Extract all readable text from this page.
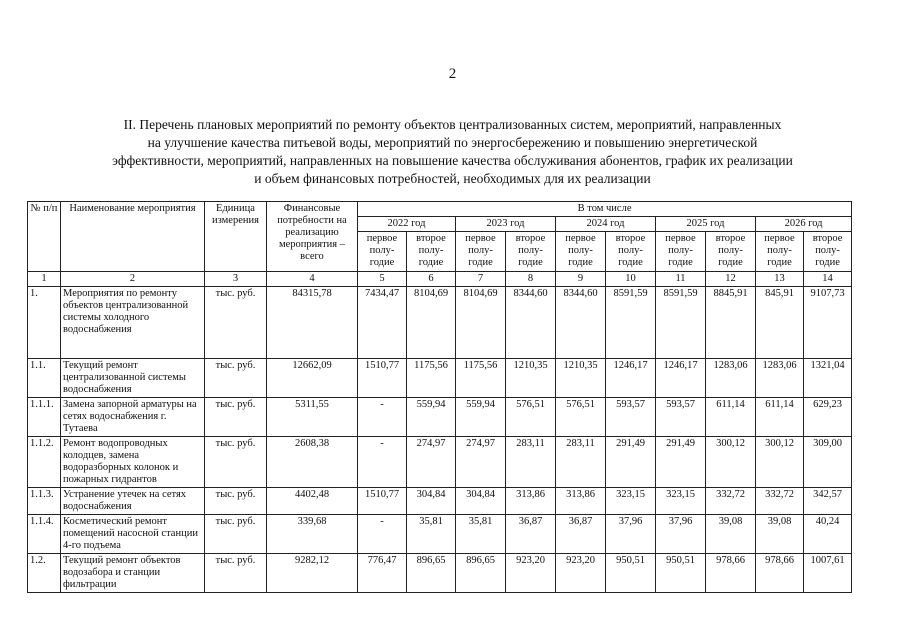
2
II. Перечень плановых мероприятий по ремонту объектов централизованных систем, мероприятий, направленных
на улучшение качества питьевой воды, мероприятий по энергосбережению и повышению энергетической
эффективности, мероприятий, направленных на повышение качества обслуживания абонентов, график их реализации
и объем финансовых потребностей, необходимых для их реализации
№ п/п	Наименование мероприятия	Единица измерения	Финансовые потребности на реализацию мероприятия – всего	В том числе									
				2022 год		2023 год		2024 год		2025 год		2026 год	
				первое полу-годие	второе полу-годие	первое полу-годие	второе полу-годие	первое полу-годие	второе полу-годие	первое полу-годие	второе полу-годие	первое полу-годие	второе полу-годие
1	2	3	4	5	6	7	8	9	10	11	12	13	14
1.	Мероприятия по ремонту объектов централизованной системы холодного водоснабжения	тыс. руб.	84315,78	7434,47	8104,69	8104,69	8344,60	8344,60	8591,59	8591,59	8845,91	845,91	9107,73
1.1.	Текущий ремонт централизованной системы водоснабжения	тыс. руб.	12662,09	1510,77	1175,56	1175,56	1210,35	1210,35	1246,17	1246,17	1283,06	1283,06	1321,04
1.1.1.	Замена запорной арматуры на сетях водоснабжения г. Тутаева	тыс. руб.	5311,55	-	559,94	559,94	576,51	576,51	593,57	593,57	611,14	611,14	629,23
1.1.2.	Ремонт водопроводных колодцев, замена водоразборных колонок и пожарных гидрантов	тыс. руб.	2608,38	-	274,97	274,97	283,11	283,11	291,49	291,49	300,12	300,12	309,00
1.1.3.	Устранение утечек на сетях водоснабжения	тыс. руб.	4402,48	1510,77	304,84	304,84	313,86	313,86	323,15	323,15	332,72	332,72	342,57
1.1.4.	Косметический ремонт помещений насосной станции 4-го подъема	тыс. руб.	339,68	-	35,81	35,81	36,87	36,87	37,96	37,96	39,08	39,08	40,24
1.2.	Текущий ремонт объектов водозабора и станции фильтрации	тыс. руб.	9282,12	776,47	896,65	896,65	923,20	923,20	950,51	950,51	978,66	978,66	1007,61
